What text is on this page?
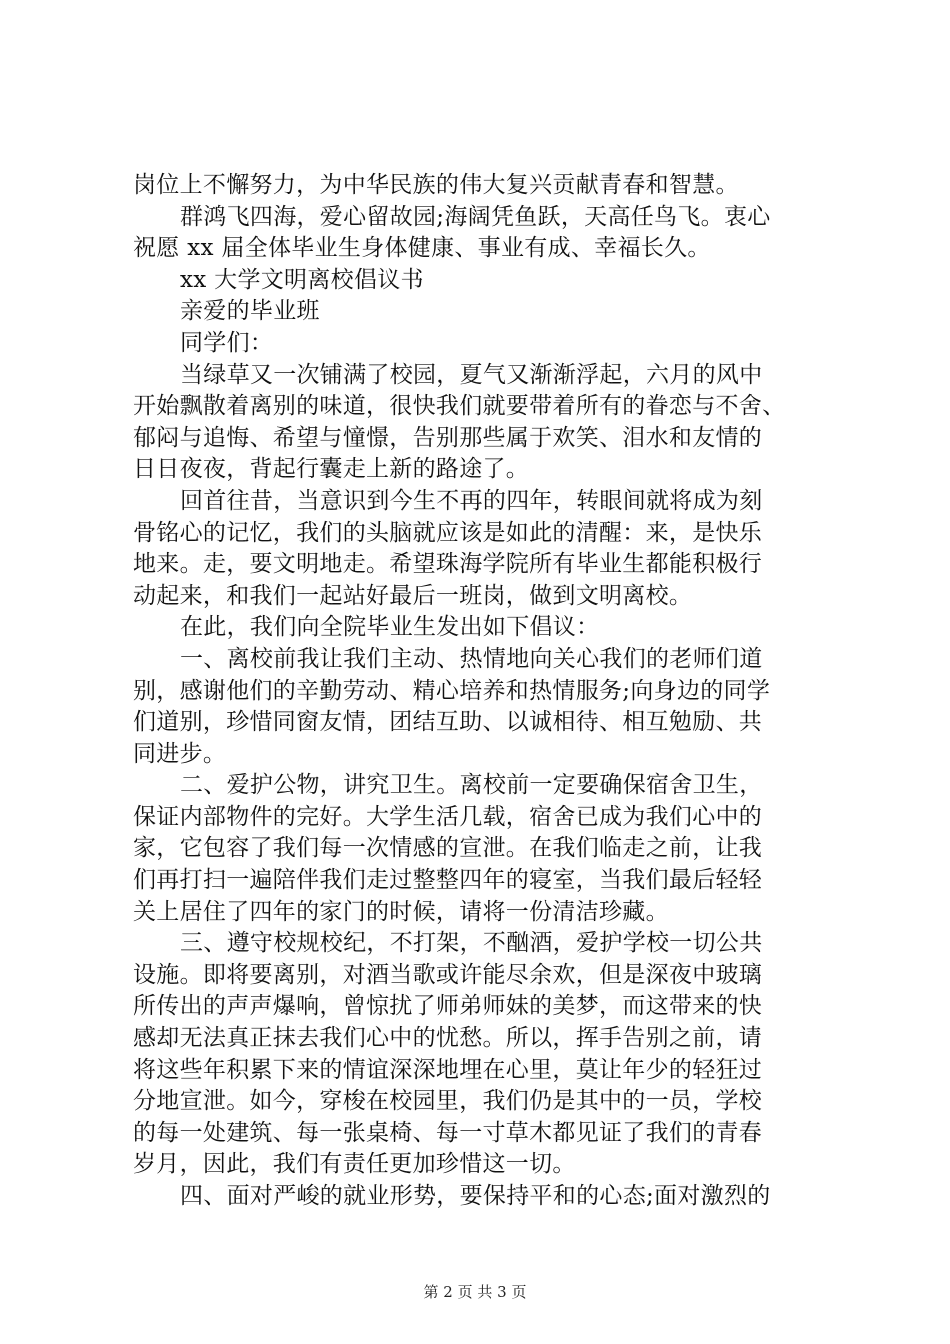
岗位上不懈努力，为中华民族的伟大复兴贡献青春和智慧。
群鸿飞四海，爱心留故园;海阔凭鱼跃，天高任鸟飞。衷心
祝愿 xx 届全体毕业生身体健康、事业有成、幸福长久。
xx 大学文明离校倡议书
亲爱的毕业班
同学们：
当绿草又一次铺满了校园，夏气又渐渐浮起，六月的风中
开始飘散着离别的味道，很快我们就要带着所有的眷恋与不舍、
郁闷与追悔、希望与憧憬，告别那些属于欢笑、泪水和友情的
日日夜夜，背起行囊走上新的路途了。
回首往昔，当意识到今生不再的四年，转眼间就将成为刻
骨铭心的记忆，我们的头脑就应该是如此的清醒：来，是快乐
地来。走，要文明地走。希望珠海学院所有毕业生都能积极行
动起来，和我们一起站好最后一班岗，做到文明离校。
在此，我们向全院毕业生发出如下倡议：
一、离校前我让我们主动、热情地向关心我们的老师们道
别，感谢他们的辛勤劳动、精心培养和热情服务;向身边的同学
们道别，珍惜同窗友情，团结互助、以诚相待、相互勉励、共
同进步。
二、爱护公物，讲究卫生。离校前一定要确保宿舍卫生，
保证内部物件的完好。大学生活几载，宿舍已成为我们心中的
家，它包容了我们每一次情感的宣泄。在我们临走之前，让我
们再打扫一遍陪伴我们走过整整四年的寝室，当我们最后轻轻
关上居住了四年的家门的时候，请将一份清洁珍藏。
三、遵守校规校纪，不打架，不酗酒，爱护学校一切公共
设施。即将要离别，对酒当歌或许能尽余欢，但是深夜中玻璃
所传出的声声爆响，曾惊扰了师弟师妹的美梦，而这带来的快
感却无法真正抹去我们心中的忧愁。所以，挥手告别之前，请
将这些年积累下来的情谊深深地埋在心里，莫让年少的轻狂过
分地宣泄。如今，穿梭在校园里，我们仍是其中的一员，学校
的每一处建筑、每一张桌椅、每一寸草木都见证了我们的青春
岁月，因此，我们有责任更加珍惜这一切。
四、面对严峻的就业形势，要保持平和的心态;面对激烈的
第 2 页 共 3 页
